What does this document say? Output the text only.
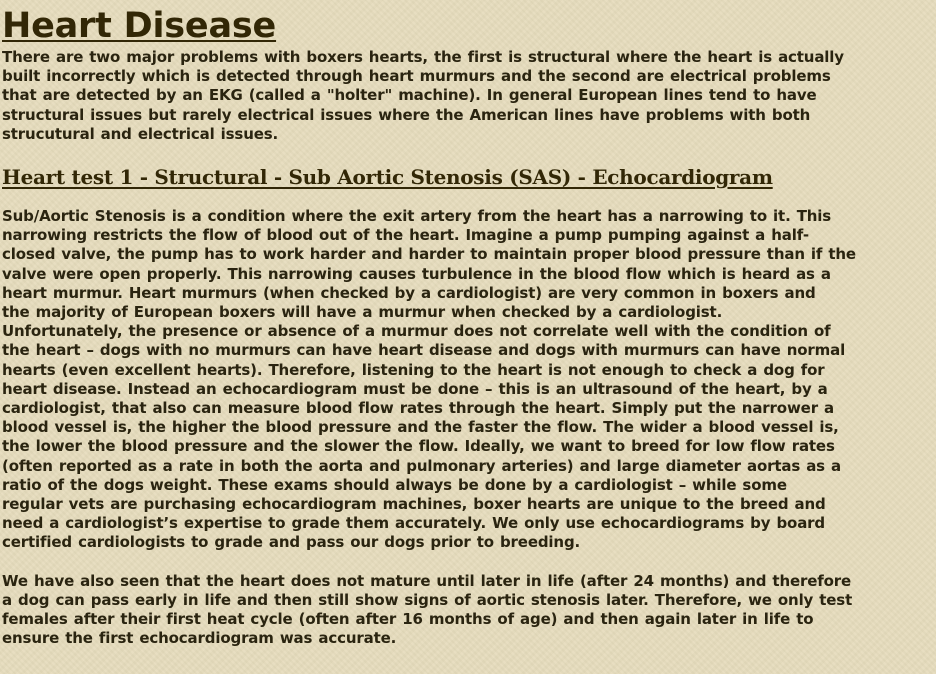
Heart Disease

There are two major problems with boxers hearts, the first is structural where the heart is actually
built incorrectly which is detected through heart murmurs and the second are electrical problems
that are detected by an EKG (called a "holter" machine). In general European lines tend to have
structural issues but rarely electrical issues where the American lines have problems with both
strucutural and electrical issues.

Heart test 1 - Structural - Sub Aortic Stenosis (SAS) - Echocardiogram

Sub/Aortic Stenosis is a condition where the exit artery from the heart has a narrowing to it. This
narrowing restricts the flow of blood out of the heart. Imagine a pump pumping against a half-
closed valve, the pump has to work harder and harder to maintain proper blood pressure than if the
valve were open properly. This narrowing causes turbulence in the blood flow which is heard as a
heart murmur. Heart murmurs (when checked by a cardiologist) are very common in boxers and
the majority of European boxers will have a murmur when checked by a cardiologist.
Unfortunately, the presence or absence of a murmur does not correlate well with the condition of
the heart – dogs with no murmurs can have heart disease and dogs with murmurs can have normal
hearts (even excellent hearts). Therefore, listening to the heart is not enough to check a dog for
heart disease. Instead an echocardiogram must be done – this is an ultrasound of the heart, by a
cardiologist, that also can measure blood flow rates through the heart. Simply put the narrower a
blood vessel is, the higher the blood pressure and the faster the flow. The wider a blood vessel is,
the lower the blood pressure and the slower the flow. Ideally, we want to breed for low flow rates
(often reported as a rate in both the aorta and pulmonary arteries) and large diameter aortas as a
ratio of the dogs weight. These exams should always be done by a cardiologist – while some
regular vets are purchasing echocardiogram machines, boxer hearts are unique to the breed and
need a cardiologist’s expertise to grade them accurately. We only use echocardiograms by board
certified cardiologists to grade and pass our dogs prior to breeding.

We have also seen that the heart does not mature until later in life (after 24 months) and therefore
a dog can pass early in life and then still show signs of aortic stenosis later. Therefore, we only test
females after their first heat cycle (often after 16 months of age) and then again later in life to
ensure the first echocardiogram was accurate.
